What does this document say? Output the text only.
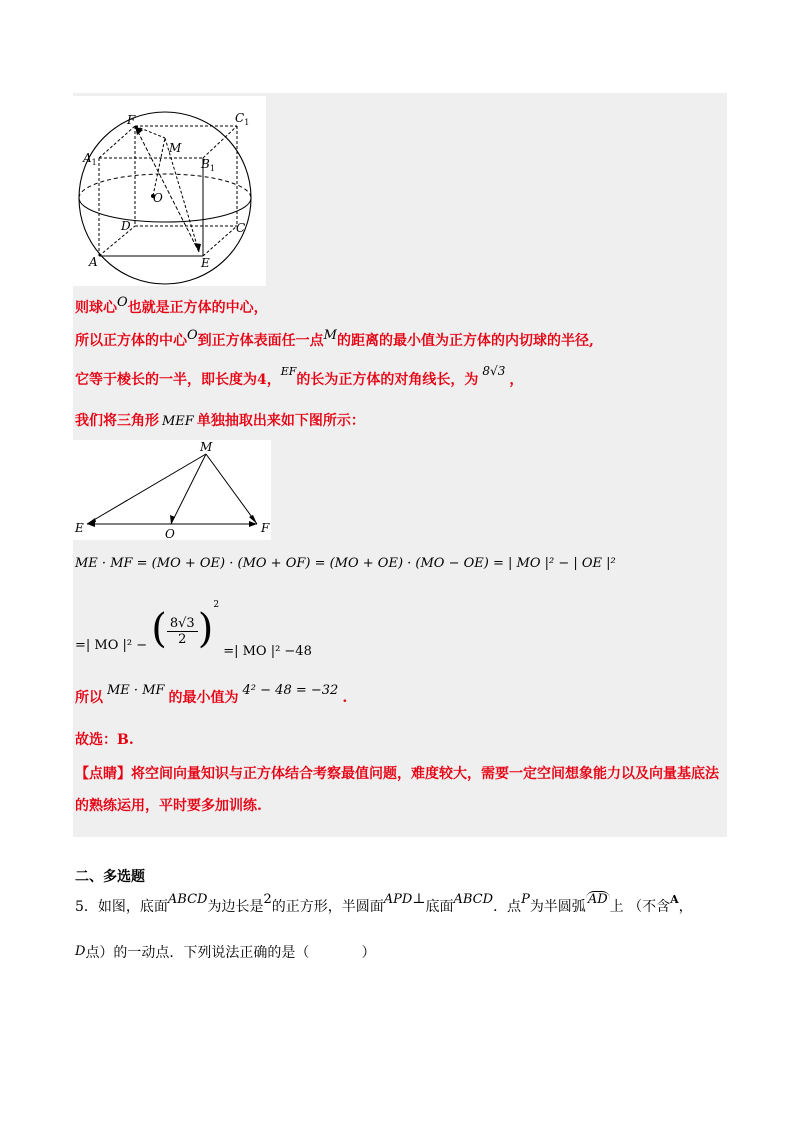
F	$C_1$
M
$A_1$	$B_1$
O
D	C
A	E
则球心O也就是正方体的中心，
所以正方体的中心O到正方体表面任一点M的距离的最小值为正方体的内切球的半径,
它等于棱长的一半，即长度为4，$^{EF}$的长为正方体的对角线长，为8√3，
我们将三角形 MEF 单独抽取出来如下图所示：
M
E	O	F
ME · MF = (MO + OE) · (MO + OF) = (MO + OE) · (MO − OE) = | MO |² − | OE |²
=| MO |² − ( $\frac{8√3}{2} )^2$ =| MO |² −48
所以 ME · MF 的最小值为 4² − 48 = −32 .
故选：B.
【点睛】将空间向量知识与正方体结合考察最值问题，难度较大，需要一定空间想象能力以及向量基底法
的熟练运用，平时要多加训练.
二、多选题
5．如图，底面ABCD为边长是2的正方形，半圆面APD⊥底面ABCD．点P为半圆弧 AD 上 （不含$^A$，
D点）的一动点．下列说法正确的是（	）
